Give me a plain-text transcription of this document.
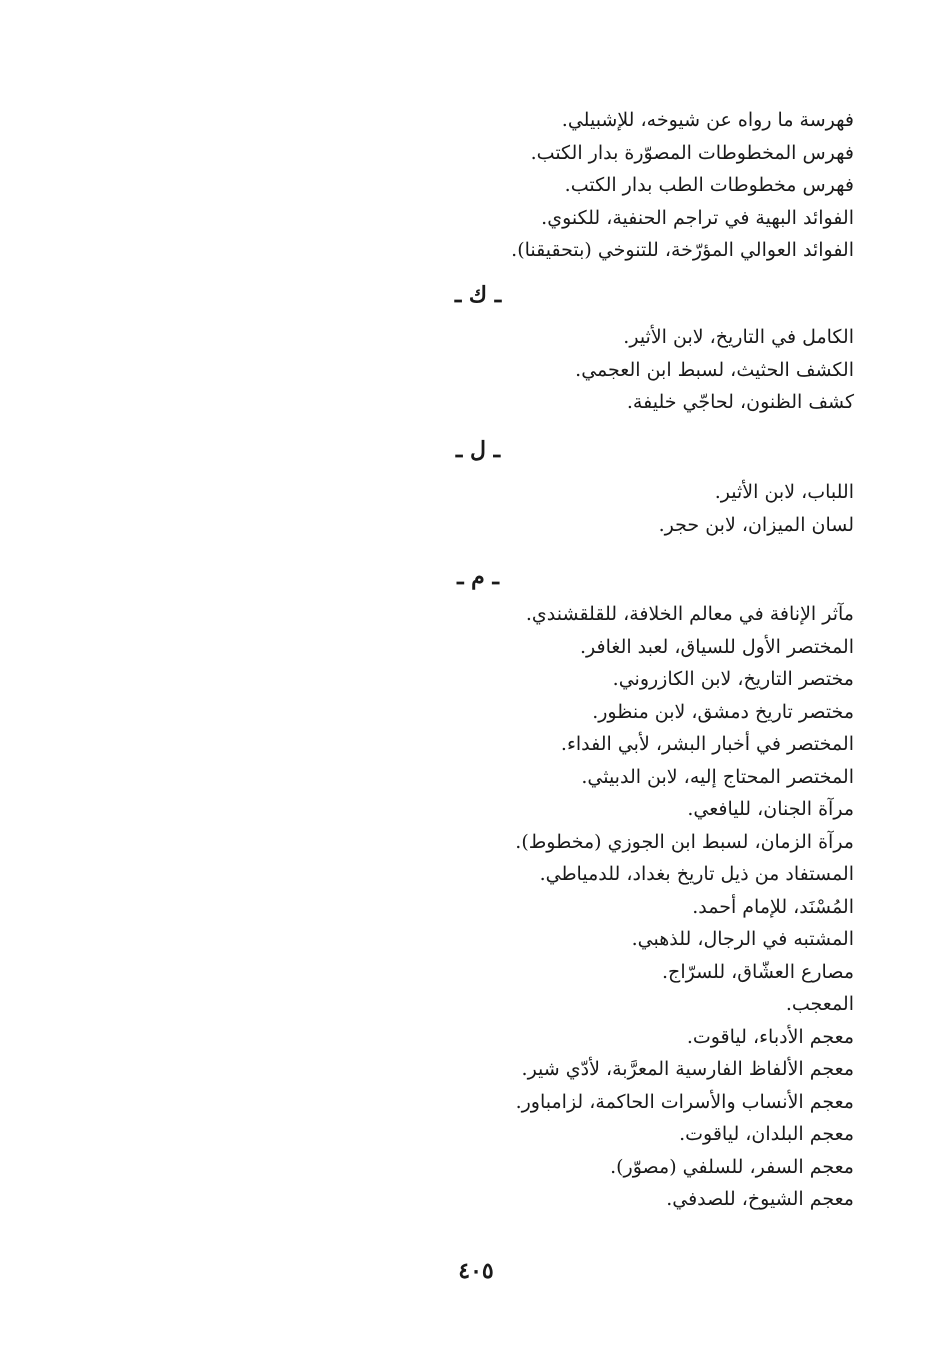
فهرسة ما رواه عن شيوخه، للإشبيلي.
فهرس المخطوطات المصوّرة بدار الكتب.
فهرس مخطوطات الطب بدار الكتب.
الفوائد البهية في تراجم الحنفية، للكنوي.
الفوائد العوالي المؤرّخة، للتنوخي (بتحقيقنا).
ـ ك ـ
الكامل في التاريخ، لابن الأثير.
الكشف الحثيث، لسبط ابن العجمي.
كشف الظنون، لحاجّي خليفة.
ـ ل ـ
اللباب، لابن الأثير.
لسان الميزان، لابن حجر.
ـ م ـ
مآثر الإنافة في معالم الخلافة، للقلقشندي.
المختصر الأول للسياق، لعبد الغافر.
مختصر التاريخ، لابن الكازروني.
مختصر تاريخ دمشق، لابن منظور.
المختصر في أخبار البشر، لأبي الفداء.
المختصر المحتاج إليه، لابن الدبيثي.
مرآة الجنان، لليافعي.
مرآة الزمان، لسبط ابن الجوزي (مخطوط).
المستفاد من ذيل تاريخ بغداد، للدمياطي.
المُسْنَد، للإمام أحمد.
المشتبه في الرجال، للذهبي.
مصارع العشّاق، للسرّاج.
المعجب.
معجم الأدباء، لياقوت.
معجم الألفاظ الفارسية المعرَّبة، لأدّي شير.
معجم الأنساب والأسرات الحاكمة، لزامباور.
معجم البلدان، لياقوت.
معجم السفر، للسلفي (مصوّر).
معجم الشيوخ، للصدفي.
٤٠٥
